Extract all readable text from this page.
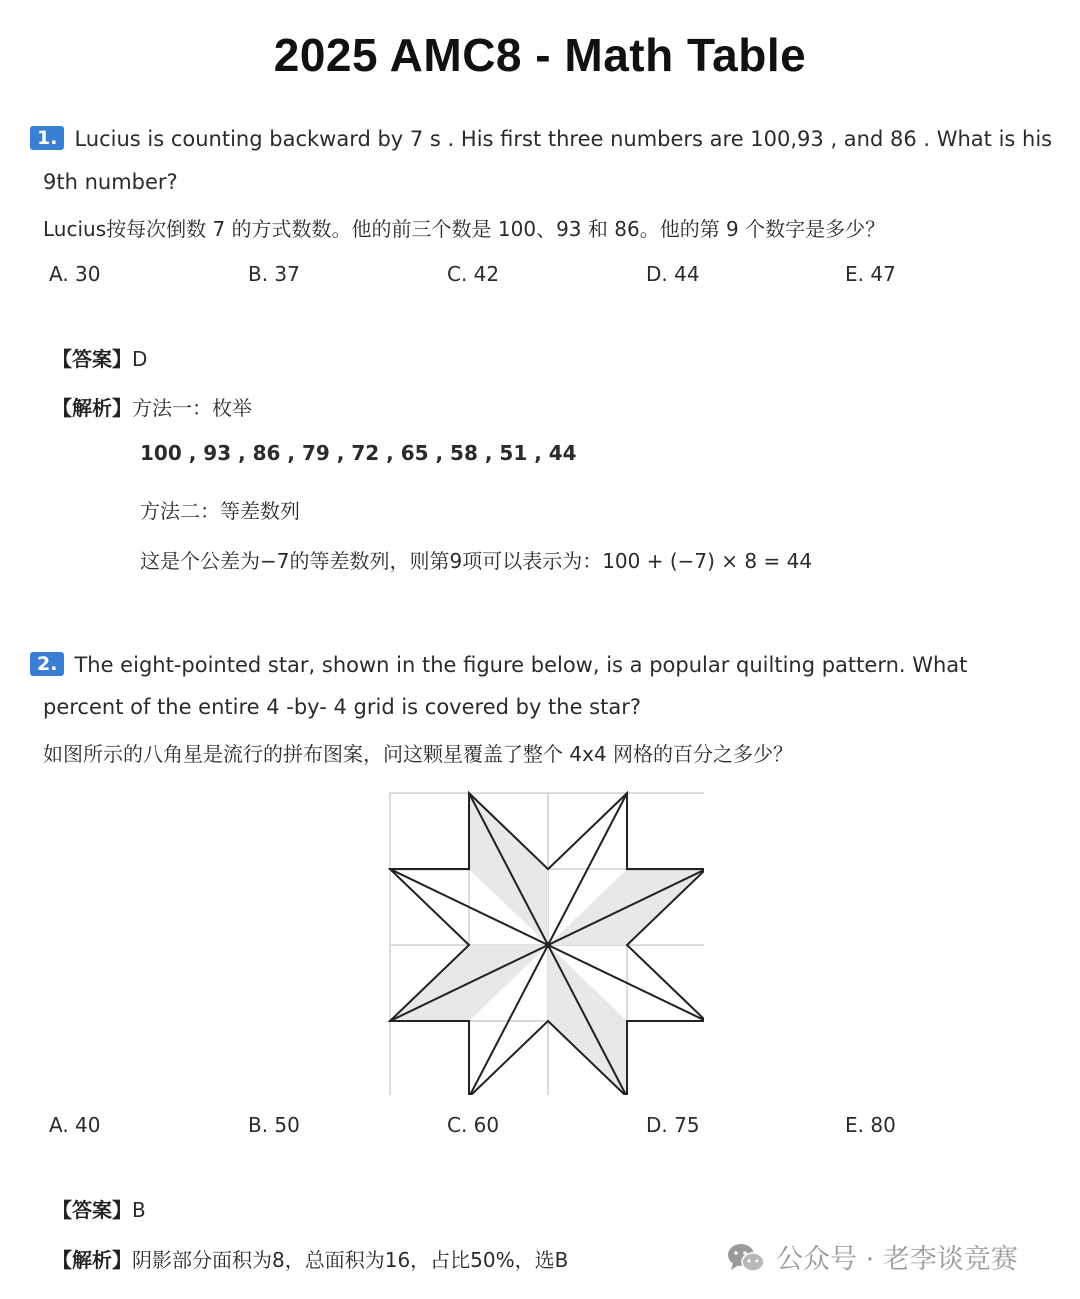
2025 AMC8 - Math Table
1. Lucius is counting backward by 7 s . His first three numbers are 100,93 , and 86 . What is his
9th number?
Lucius按每次倒数 7 的方式数数。他的前三个数是 100、93 和 86。他的第 9 个数字是多少？
A. 30	B. 37	C. 42	D. 44	E. 47
【答案】D
【解析】方法一：枚举
100 , 93 , 86 , 79 , 72 , 65 , 58 , 51 , 44
方法二：等差数列
这是个公差为−7的等差数列，则第9项可以表示为：100 + (−7) × 8 = 44
2. The eight-pointed star, shown in the figure below, is a popular quilting pattern. What
percent of the entire 4 -by- 4 grid is covered by the star?
如图所示的八角星是流行的拼布图案，问这颗星覆盖了整个 4x4 网格的百分之多少？
A. 40	B. 50	C. 60	D. 75	E. 80
【答案】B
【解析】阴影部分面积为8，总面积为16，占比50%，选B	公众号 · 老李谈竞赛
